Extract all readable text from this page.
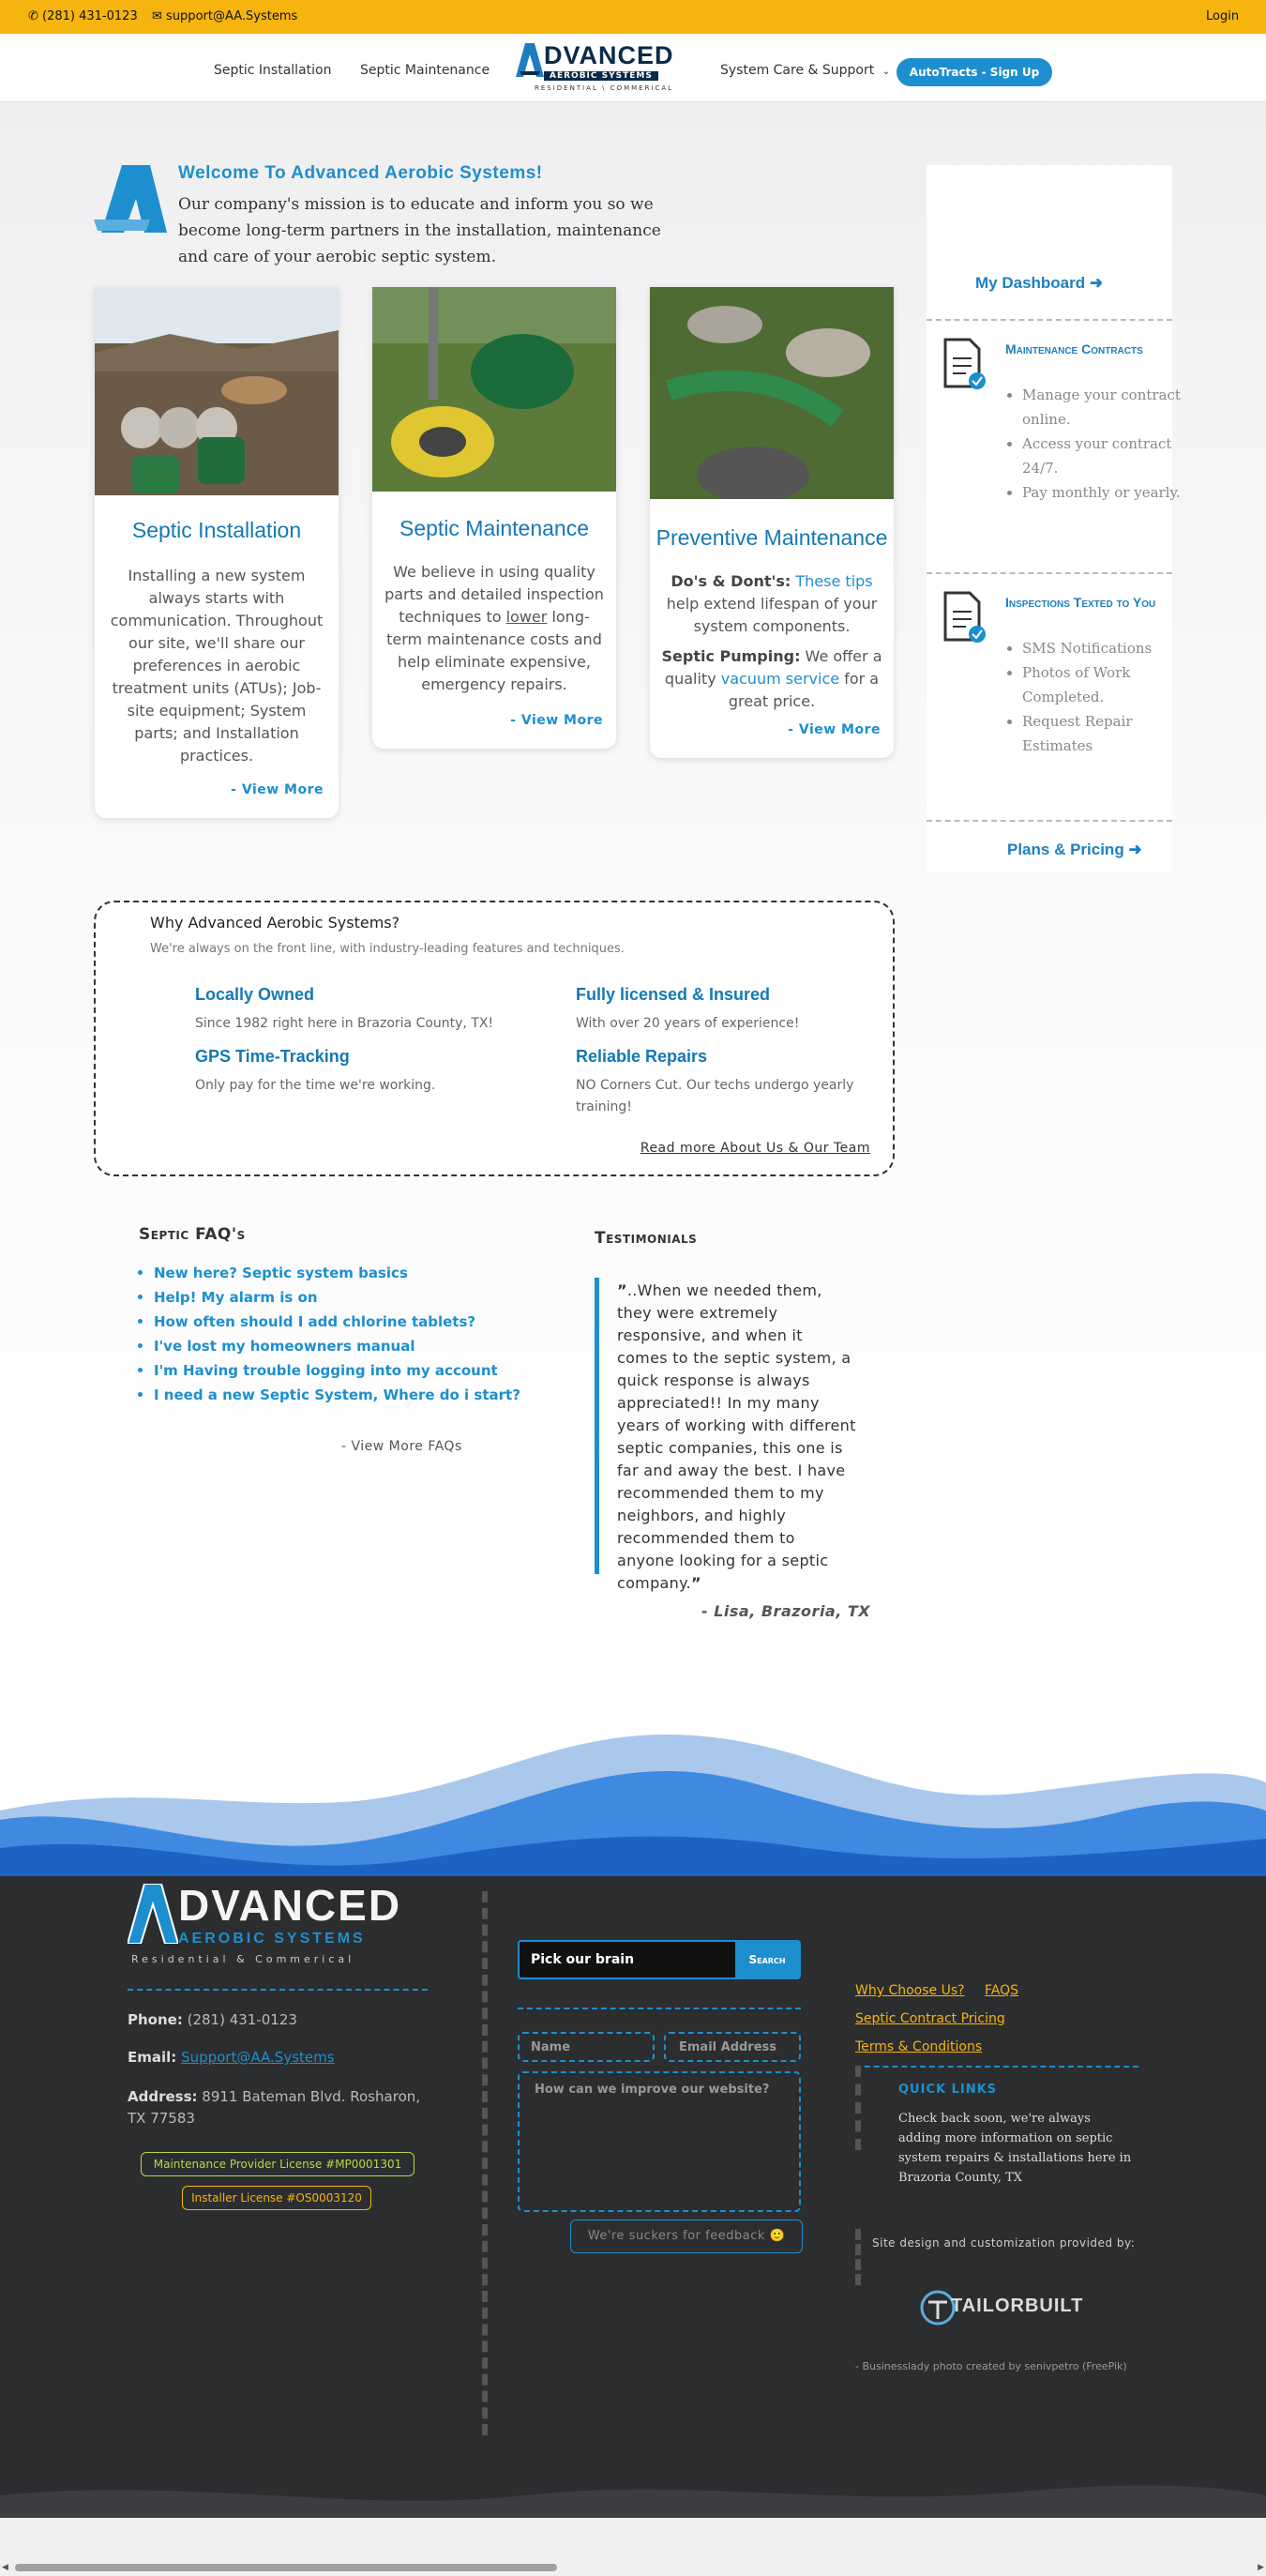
✆ (281) 431-0123 ✉ support@AA.Systems	Login
Septic Installation Septic Maintenance
DVANCED
AEROBIC SYSTEMS
RESIDENTIAL \ COMMERICAL
System Care & Support ⌄	AutoTracts - Sign Up
Welcome To Advanced Aerobic Systems!
Our company's mission is to educate and inform you so we become long-term partners in the installation, maintenance and care of your aerobic septic system.
Septic Installation
Installing a new system always starts with communication. Throughout our site, we'll share our preferences in aerobic treatment units (ATUs); Job-site equipment; System parts; and Installation practices.
- View More
Septic Maintenance
We believe in using quality parts and detailed inspection techniques to lower long-term maintenance costs and help eliminate expensive, emergency repairs.
- View More
Preventive Maintenance
Do's & Dont's: These tips help extend lifespan of your system components.
Septic Pumping: We offer a quality vacuum service for a great price.
- View More
My Dashboard ➜
Maintenance Contracts
• Manage your contract online.
• Access your contract 24/7.
• Pay monthly or yearly.
Inspections Texted to You
• SMS Notifications
• Photos of Work Completed.
• Request Repair Estimates
Plans & Pricing ➜
Why Advanced Aerobic Systems?
We're always on the front line, with industry-leading features and techniques.
Locally Owned
Since 1982 right here in Brazoria County, TX!
Fully licensed & Insured
With over 20 years of experience!
GPS Time-Tracking
Only pay for the time we're working.
Reliable Repairs
NO Corners Cut. Our techs undergo yearly training!
Read more About Us & Our Team
Septic FAQ's
• New here? Septic system basics
• Help! My alarm is on
• How often should I add chlorine tablets?
• I've lost my homeowners manual
• I'm Having trouble logging into my account
• I need a new Septic System, Where do i start?
- View More FAQs
Testimonials
”..When we needed them, they were extremely responsive, and when it comes to the septic system, a quick response is always appreciated!! In my many years of working with different septic companies, this one is far and away the best. I have recommended them to my neighbors, and highly recommended them to anyone looking for a septic company.”
- Lisa, Brazoria, TX
DVANCED
AEROBIC SYSTEMS
Residential & Commerical
Phone: (281) 431-0123
Email: Support@AA.Systems
Address: 8911 Bateman Blvd. Rosharon, TX 77583
Maintenance Provider License #MP0001301
Installer License #OS0003120
Pick our brain
Search
Name
Email Address
How can we improve our website?
We're suckers for feedback 🙂
Why Choose Us? FAQS
Septic Contract Pricing
Terms & Conditions
QUICK LINKS
Check back soon, we're always adding more information on septic system repairs & installations here in Brazoria County, TX
Site design and customization provided by:
TAILORBUILT
- Businesslady photo created by senivpetro (FreePik)
◀	▶
